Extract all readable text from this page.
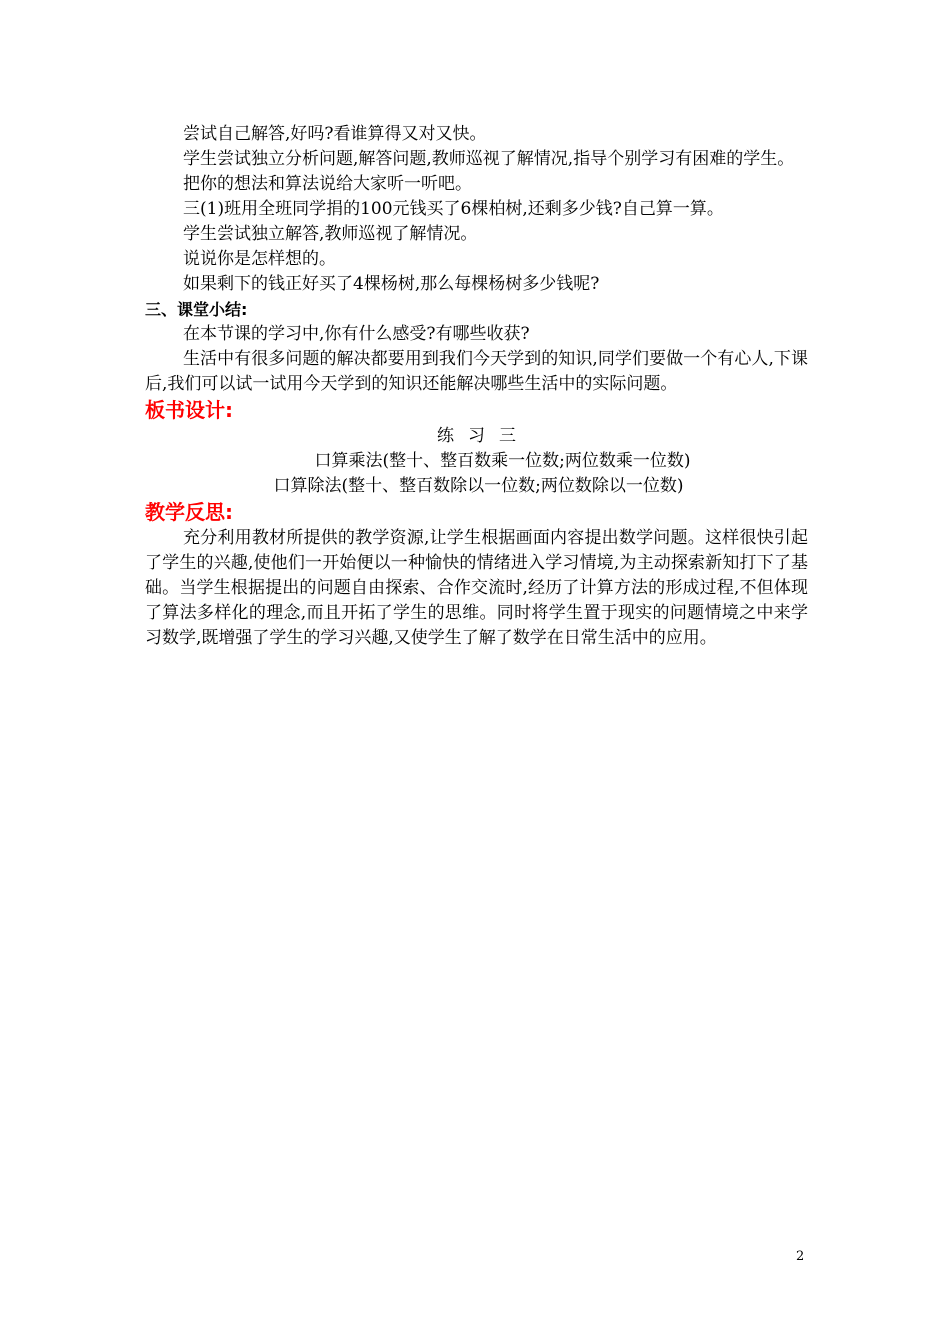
尝试自己解答,好吗?看谁算得又对又快。

学生尝试独立分析问题,解答问题,教师巡视了解情况,指导个别学习有困难的学生。

把你的想法和算法说给大家听一听吧。

三(1)班用全班同学捐的100元钱买了6棵柏树,还剩多少钱?自己算一算。

学生尝试独立解答,教师巡视了解情况。

说说你是怎样想的。

如果剩下的钱正好买了4棵杨树,那么每棵杨树多少钱呢?

三、课堂小结:

在本节课的学习中,你有什么感受?有哪些收获?

生活中有很多问题的解决都要用到我们今天学到的知识,同学们要做一个有心人,下课后,我们可以试一试用今天学到的知识还能解决哪些生活中的实际问题。

板书设计:

练习三

口算乘法(整十、整百数乘一位数;两位数乘一位数)

口算除法(整十、整百数除以一位数;两位数除以一位数)

教学反思:

充分利用教材所提供的教学资源,让学生根据画面内容提出数学问题。这样很快引起了学生的兴趣,使他们一开始便以一种愉快的情绪进入学习情境,为主动探索新知打下了基础。当学生根据提出的问题自由探索、合作交流时,经历了计算方法的形成过程,不但体现了算法多样化的理念,而且开拓了学生的思维。同时将学生置于现实的问题情境之中来学习数学,既增强了学生的学习兴趣,又使学生了解了数学在日常生活中的应用。

2
